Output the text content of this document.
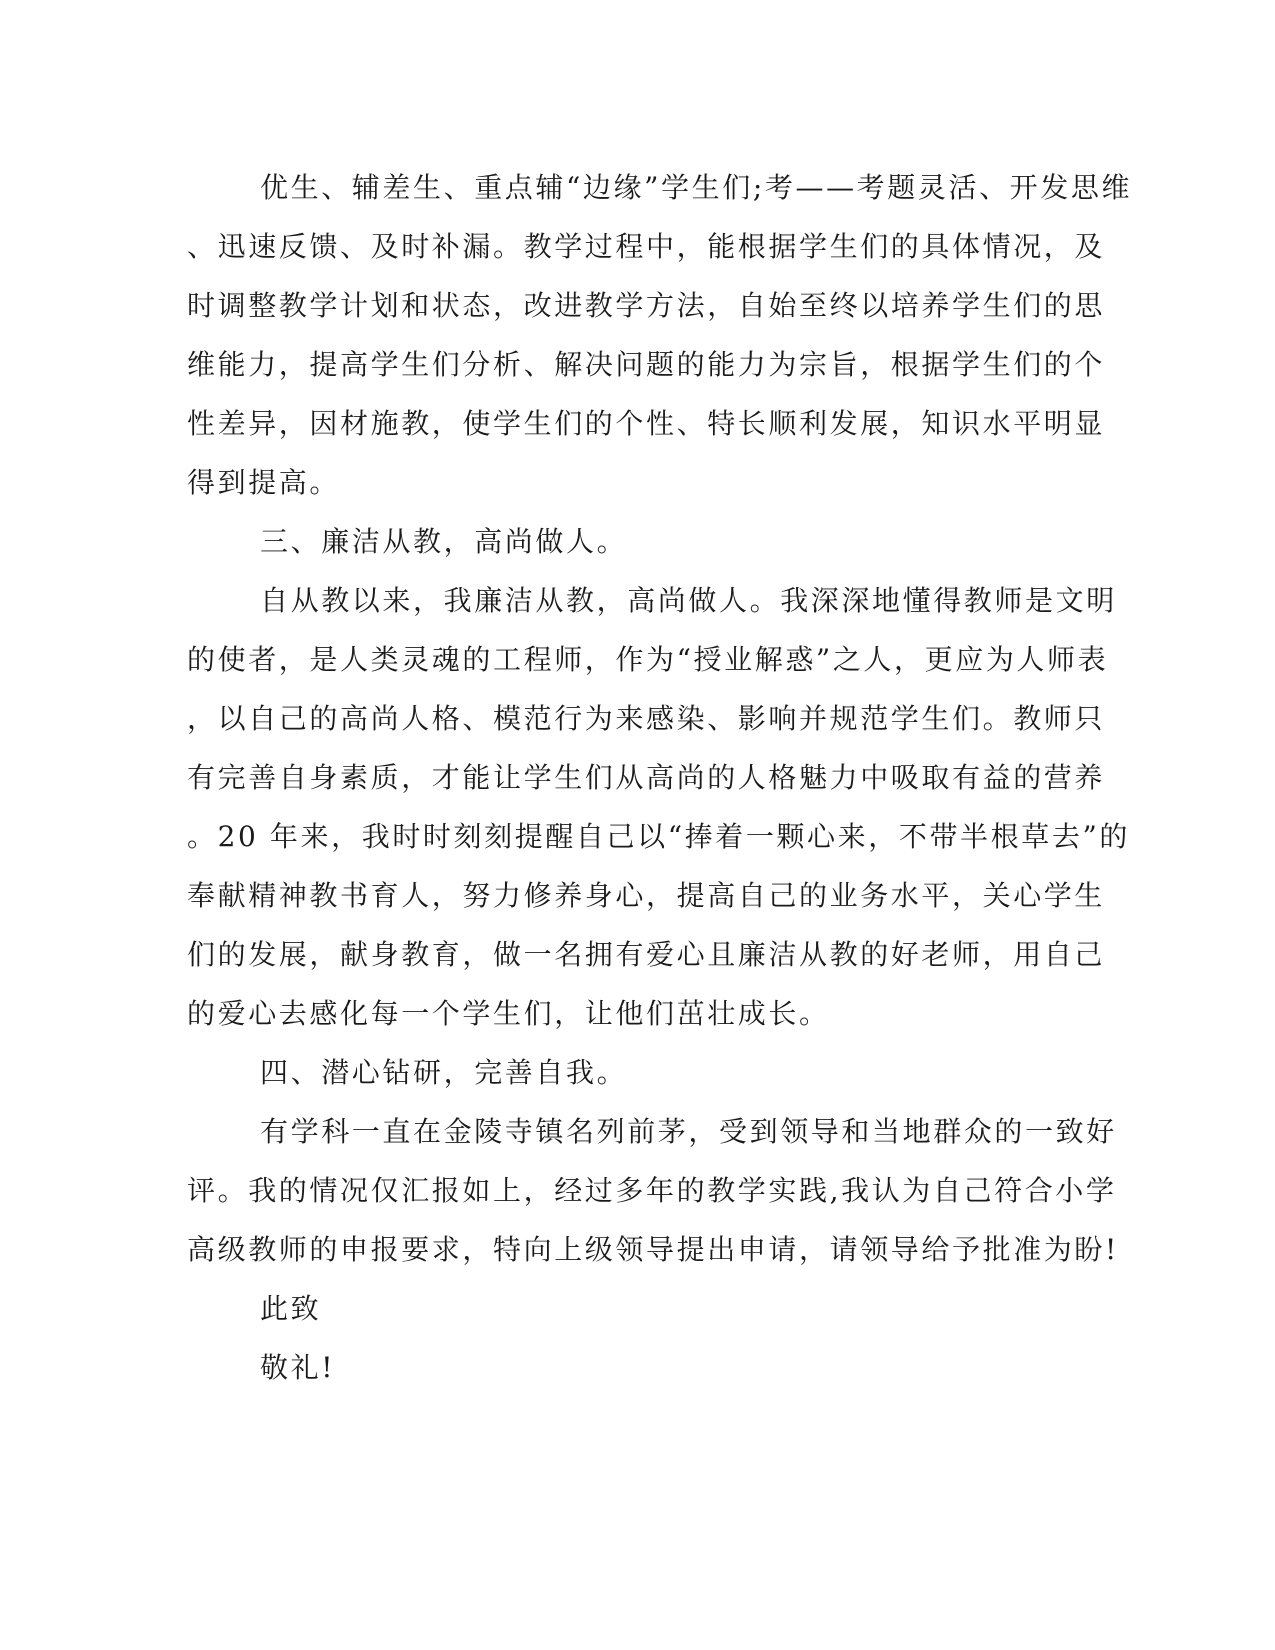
优生、辅差生、重点辅“边缘”学生们;考——考题灵活、开发思维
、迅速反馈、及时补漏。教学过程中，能根据学生们的具体情况，及
时调整教学计划和状态，改进教学方法，自始至终以培养学生们的思
维能力，提高学生们分析、解决问题的能力为宗旨，根据学生们的个
性差异，因材施教，使学生们的个性、特长顺利发展，知识水平明显
得到提高。
三、廉洁从教，高尚做人。
自从教以来，我廉洁从教，高尚做人。我深深地懂得教师是文明
的使者，是人类灵魂的工程师，作为“授业解惑”之人，更应为人师表
，以自己的高尚人格、模范行为来感染、影响并规范学生们。教师只
有完善自身素质，才能让学生们从高尚的人格魅力中吸取有益的营养
。20 年来，我时时刻刻提醒自己以“捧着一颗心来，不带半根草去”的
奉献精神教书育人，努力修养身心，提高自己的业务水平，关心学生
们的发展，献身教育，做一名拥有爱心且廉洁从教的好老师，用自己
的爱心去感化每一个学生们，让他们茁壮成长。
四、潜心钻研，完善自我。
有学科一直在金陵寺镇名列前茅，受到领导和当地群众的一致好
评。我的情况仅汇报如上，经过多年的教学实践,我认为自己符合小学
高级教师的申报要求，特向上级领导提出申请，请领导给予批准为盼!
此致
敬礼!
